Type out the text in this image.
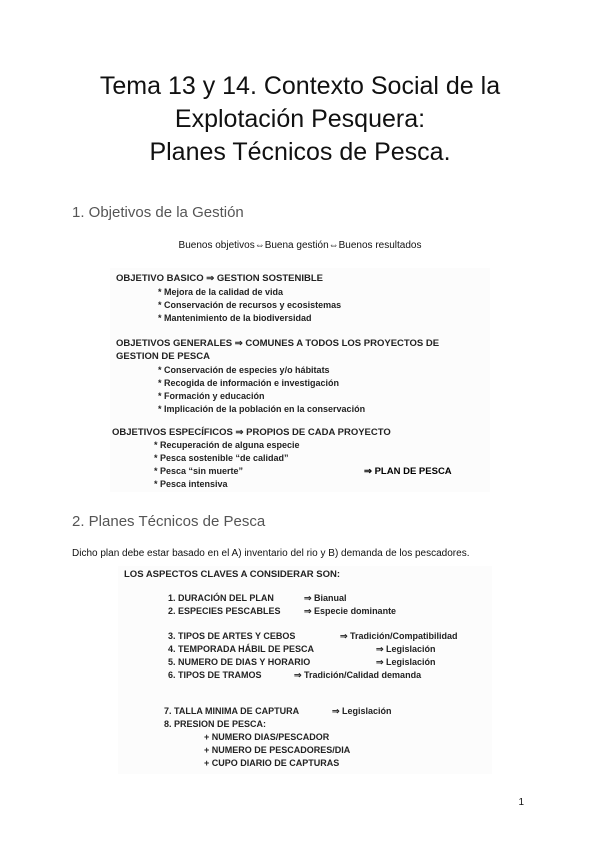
Tema 13 y 14. Contexto Social de la
Explotación Pesquera:
Planes Técnicos de Pesca.
1. Objetivos de la Gestión
Buenos objetivos⇔Buena gestión⇔Buenos resultados
OBJETIVO BASICO ⇒ GESTION SOSTENIBLE
* Mejora de la calidad de vida
* Conservación de recursos y ecosistemas
* Mantenimiento de la biodiversidad
OBJETIVOS GENERALES ⇒ COMUNES A TODOS LOS PROYECTOS DE
GESTION DE PESCA
* Conservación de especies y/o hábitats
* Recogida de información e investigación
* Formación y educación
* Implicación de la población en la conservación
OBJETIVOS ESPECÍFICOS ⇒ PROPIOS DE CADA PROYECTO
* Recuperación de alguna especie
* Pesca sostenible “de calidad”
* Pesca “sin muerte”	⇒ PLAN DE PESCA
* Pesca intensiva
2. Planes Técnicos de Pesca
Dicho plan debe estar basado en el A) inventario del rio y B) demanda de los pescadores.
LOS ASPECTOS CLAVES A CONSIDERAR SON:
1. DURACIÓN DEL PLAN	⇒ Bianual
2. ESPECIES PESCABLES	⇒ Especie dominante
3. TIPOS DE ARTES Y CEBOS	⇒ Tradición/Compatibilidad
4. TEMPORADA HÁBIL DE PESCA	⇒ Legislación
5. NUMERO DE DIAS Y HORARIO	⇒ Legislación
6. TIPOS DE TRAMOS	⇒ Tradición/Calidad demanda
7. TALLA MINIMA DE CAPTURA	⇒ Legislación
8. PRESION DE PESCA:
+ NUMERO DIAS/PESCADOR
+ NUMERO DE PESCADORES/DIA
+ CUPO DIARIO DE CAPTURAS
1
